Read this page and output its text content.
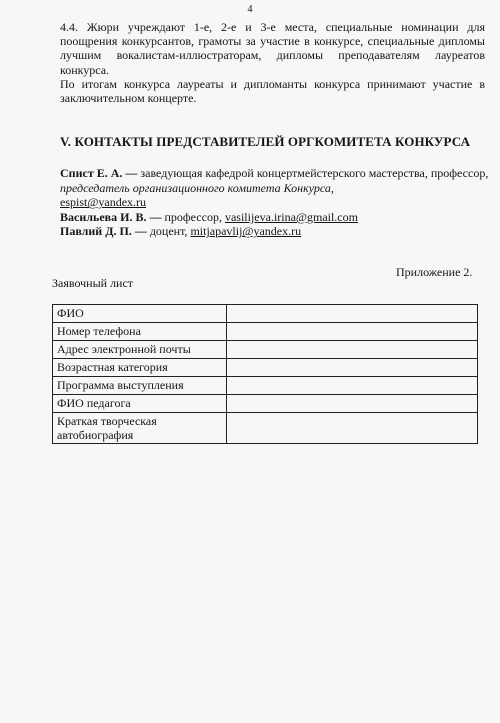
4

4.4. Жюри учреждают 1-е, 2-е и 3-е места, специальные номинации для поощрения конкурсантов, грамоты за участие в конкурсе, специальные дипломы лучшим вокалистам-иллюстраторам, дипломы преподавателям лауреатов конкурса.

По итогам конкурса лауреаты и дипломанты конкурса принимают участие в заключительном концерте.

V. КОНТАКТЫ ПРЕДСТАВИТЕЛЕЙ ОРГКОМИТЕТА КОНКУРСА

Спист Е. А. — заведующая кафедрой концертмейстерского мастерства, профессор, председатель организационного комитета Конкурса,
espist@yandex.ru

Васильева И. В. — профессор, vasilijeva.irina@gmail.com

Павлий Д. П. — доцент, mitjapavlij@yandex.ru

Приложение 2.
Заявочный лист
ФИО	
Номер телефона	
Адрес электронной почты	
Возрастная категория	
Программа выступления	
ФИО педагога	
Краткая творческая автобиография	
